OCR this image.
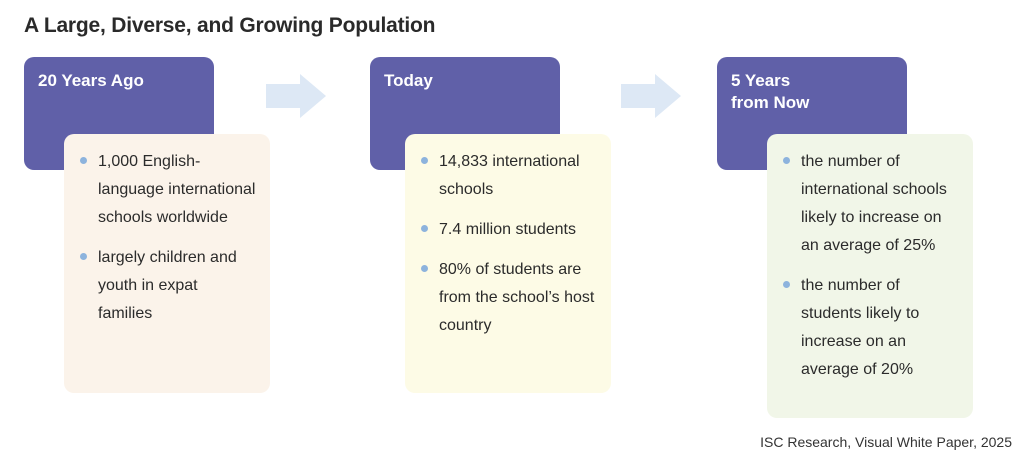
A Large, Diverse, and Growing Population
20 Years Ago
1,000 English-language international schools worldwide
largely children and youth in expat families
Today
14,833 international schools
7.4 million students
80% of students are from the school’s host country
5 Years
from Now
the number of international schools likely to increase on an average of 25%
the number of students likely to increase on an average of 20%
ISC Research, Visual White Paper, 2025
